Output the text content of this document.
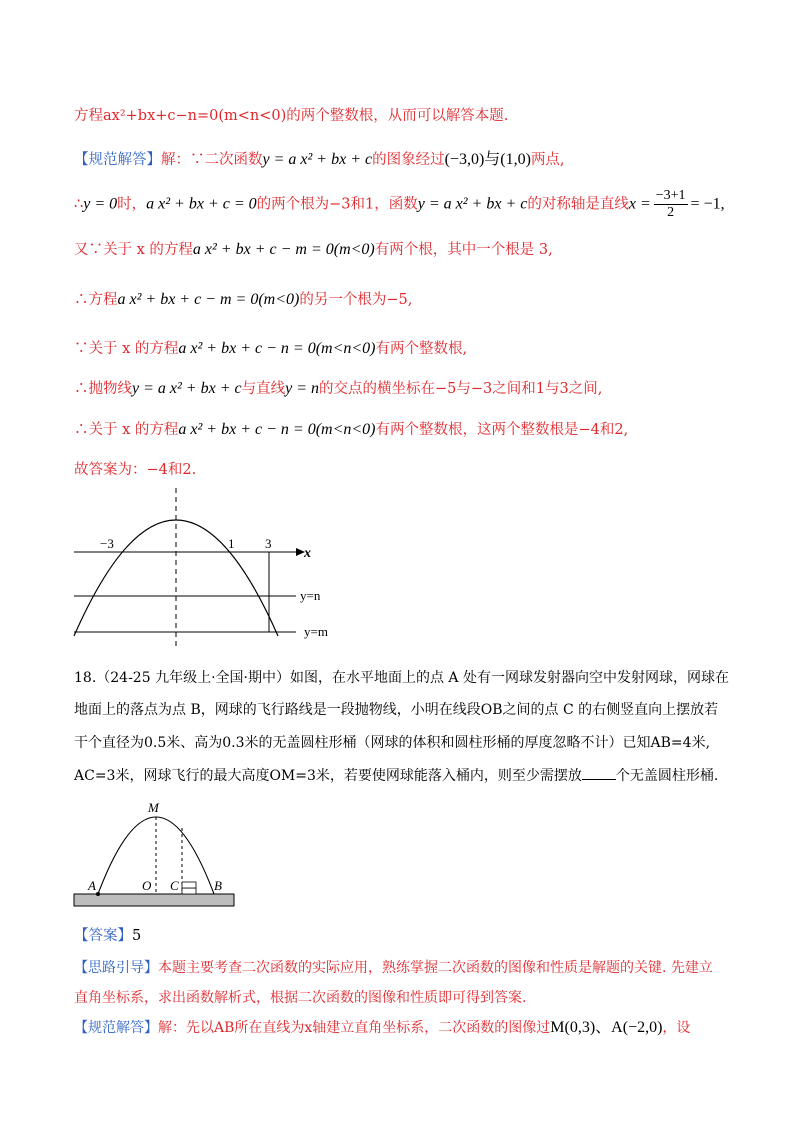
方程ax²+bx+c−n=0(m<n<0)的两个整数根，从而可以解答本题.
【规范解答】解：∵二次函数y = a x² + bx + c的图象经过(−3,0)与(1,0)两点,
∴y = 0时，a x² + bx + c = 0的两个根为−3和1，函数y = a x² + bx + c的对称轴是直线$x = \frac{-3+1}{2} = -1$,
又∵关于 x 的方程a x² + bx + c − m = 0(m<0)有两个根，其中一个根是 3,
∴方程a x² + bx + c − m = 0(m<0)的另一个根为−5,
∵关于 x 的方程a x² + bx + c − n = 0(m<n<0)有两个整数根,
∴抛物线y = a x² + bx + c与直线y = n的交点的横坐标在−5与−3之间和1与3之间,
∴关于 x 的方程a x² + bx + c − n = 0(m<n<0)有两个整数根，这两个整数根是−4和2,
故答案为：−4和2.
−3	1 3
x
y=n
y=m
18.（24-25 九年级上·全国·期中）如图，在水平地面上的点 A 处有一网球发射器向空中发射网球，网球在
地面上的落点为点 B，网球的飞行路线是一段抛物线，小明在线段OB之间的点 C 的右侧竖直向上摆放若
干个直径为0.5米、高为0.3米的无盖圆柱形桶（网球的体积和圆柱形桶的厚度忽略不计）已知AB=4米,
AC=3米，网球飞行的最大高度OM=3米，若要使网球能落入桶内，则至少需摆放 个无盖圆柱形桶.
M
A	O C	B
【答案】5
【思路引导】本题主要考查二次函数的实际应用，熟练掌握二次函数的图像和性质是解题的关键. 先建立
直角坐标系，求出函数解析式，根据二次函数的图像和性质即可得到答案.
【规范解答】解：先以AB所在直线为x轴建立直角坐标系，二次函数的图像过M(0,3)、A(−2,0)，设
